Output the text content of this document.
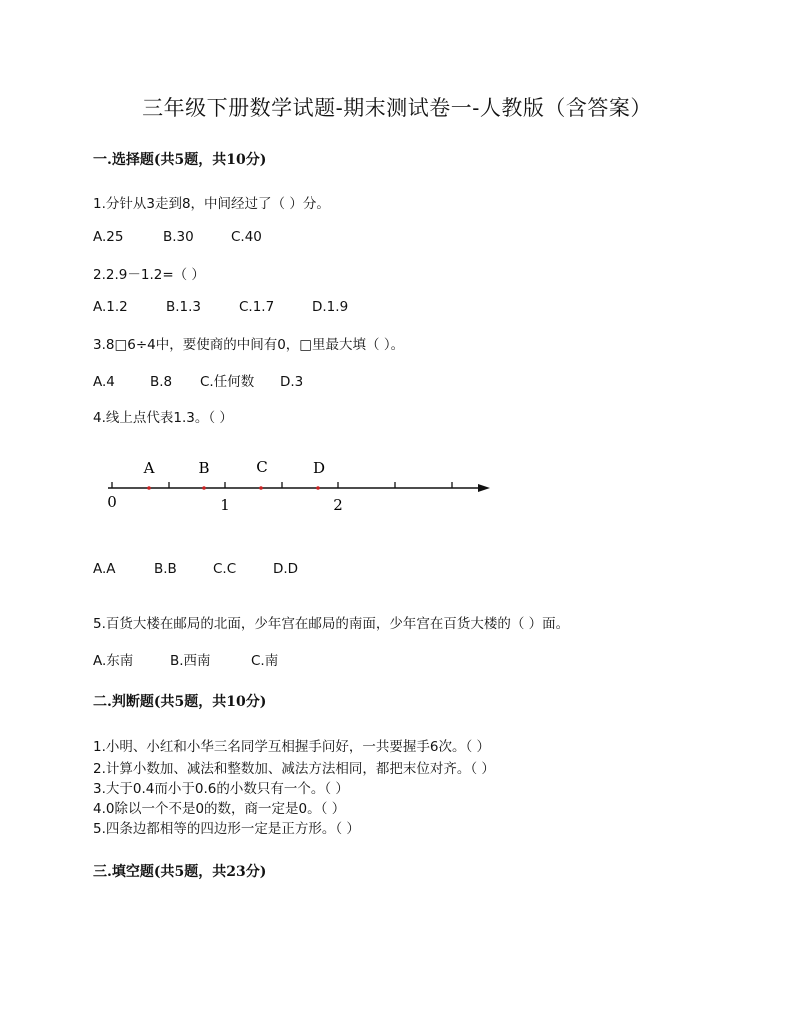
三年级下册数学试题-期末测试卷一-人教版（含答案）
一.选择题(共5题，共10分)
1.分针从3走到8，中间经过了（ ）分。
A.25	B.30	C.40
2.2.9－1.2=（ ）
A.1.2	B.1.3	C.1.7	D.1.9
3.8□6÷4中，要使商的中间有0，□里最大填（ ）。
A.4	B.8 C.任何数 D.3
4.线上点代表1.3。（ ）
A	B	C	D
0	1	2
A.A	B.B	C.C	D.D
5.百货大楼在邮局的北面，少年宫在邮局的南面，少年宫在百货大楼的（ ）面。
A.东南	B.西南	C.南
二.判断题(共5题，共10分)
1.小明、小红和小华三名同学互相握手问好，一共要握手6次。（ ）
2.计算小数加、减法和整数加、减法方法相同，都把末位对齐。（ ）
3.大于0.4而小于0.6的小数只有一个。（ ）
4.0除以一个不是0的数，商一定是0。（ ）
5.四条边都相等的四边形一定是正方形。（ ）
三.填空题(共5题，共23分)
